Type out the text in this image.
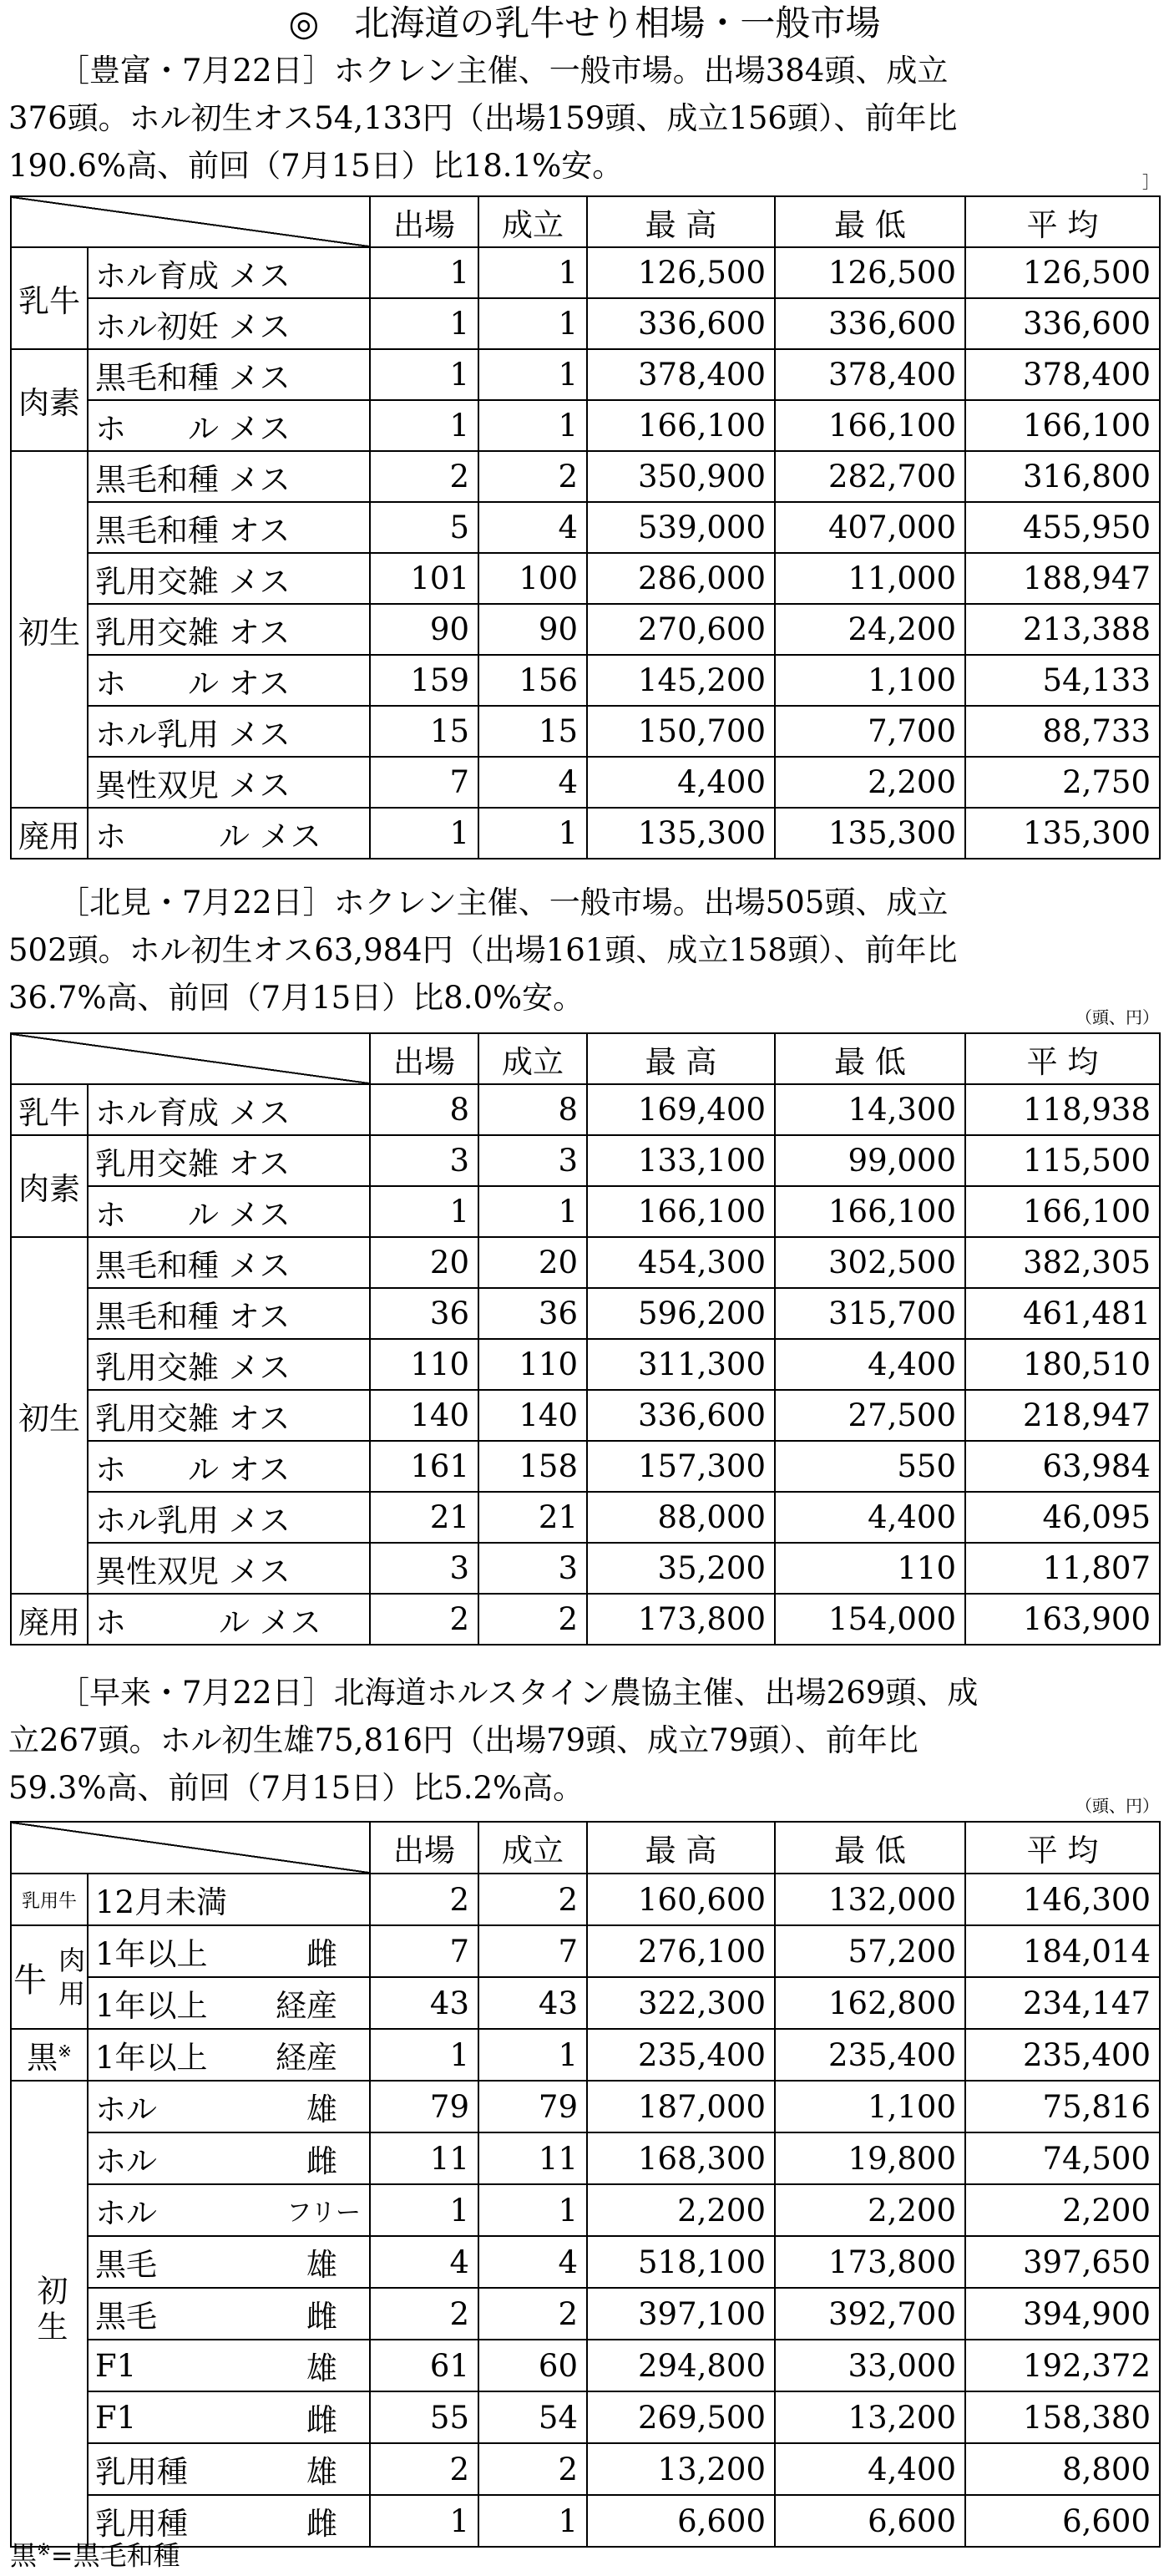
◎　北海道の乳牛せり相場・一般市場

［豊富・7月22日］ホクレン主催、一般市場。出場384頭、成立

376頭。ホル初生オス54,133円（出場159頭、成立156頭）、前年比

190.6%高、前回（7月15日）比18.1%安。	］
		出場	成立	最 高	最 低	平 均
乳牛	ホル育成 メス	1	1	126,500	126,500	126,500
	ホル初妊 メス	1	1	336,600	336,600	336,600
肉素	黒毛和種 メス	1	1	378,400	378,400	378,400
	ホ　　ル メス	1	1	166,100	166,100	166,100
初生	黒毛和種 メス	2	2	350,900	282,700	316,800
	黒毛和種 オス	5	4	539,000	407,000	455,950
	乳用交雑 メス	101	100	286,000	11,000	188,947
	乳用交雑 オス	90	90	270,600	24,200	213,388
	ホ　　ル オス	159	156	145,200	1,100	54,133
	ホル乳用 メス	15	15	150,700	7,700	88,733
	異性双児 メス	7	4	4,400	2,200	2,750
廃用	ホ　　　ル メス	1	1	135,300	135,300	135,300

［北見・7月22日］ホクレン主催、一般市場。出場505頭、成立

502頭。ホル初生オス63,984円（出場161頭、成立158頭）、前年比

36.7%高、前回（7月15日）比8.0%安。

（頭、円）
		出場	成立	最 高	最 低	平 均
乳牛	ホル育成 メス	8	8	169,400	14,300	118,938
肉素	乳用交雑 オス	3	3	133,100	99,000	115,500
	ホ　　ル メス	1	1	166,100	166,100	166,100
初生	黒毛和種 メス	20	20	454,300	302,500	382,305
	黒毛和種 オス	36	36	596,200	315,700	461,481
	乳用交雑 メス	110	110	311,300	4,400	180,510
	乳用交雑 オス	140	140	336,600	27,500	218,947
	ホ　　ル オス	161	158	157,300	550	63,984
	ホル乳用 メス	21	21	88,000	4,400	46,095
	異性双児 メス	3	3	35,200	110	11,807
廃用	ホ　　　ル メス	2	2	173,800	154,000	163,900

［早来・7月22日］北海道ホルスタイン農協主催、出場269頭、成

立267頭。ホル初生雄75,816円（出場79頭、成立79頭）、前年比

59.3%高、前回（7月15日）比5.2%高。	（頭、円）
		出場	成立	最 高	最 低	平 均
乳用牛	12月未満	2	2	160,600	132,000	146,300

牛
肉
用	1年以上 雌	7	7	276,100	57,200	184,014

	1年以上 経産	43	43	322,300	162,800	234,147
黒※	1年以上 経産	1	1	235,400	235,400	235,400
初生	ホル 雄	79	79	187,000	1,100	75,816

	ホル 雌	11	11	168,300	19,800	74,500

	ホル フリー	1	1	2,200	2,200	2,200

	黒毛 雄	4	4	518,100	173,800	397,650

	黒毛 雌	2	2	397,100	392,700	394,900

	F1 雄	61	60	294,800	33,000	192,372

	F1 雌	55	54	269,500	13,200	158,380

	乳用種 雄	2	2	13,200	4,400	8,800

	乳用種 雌	1	1	6,600	6,600	6,600
黒※=黒毛和種
